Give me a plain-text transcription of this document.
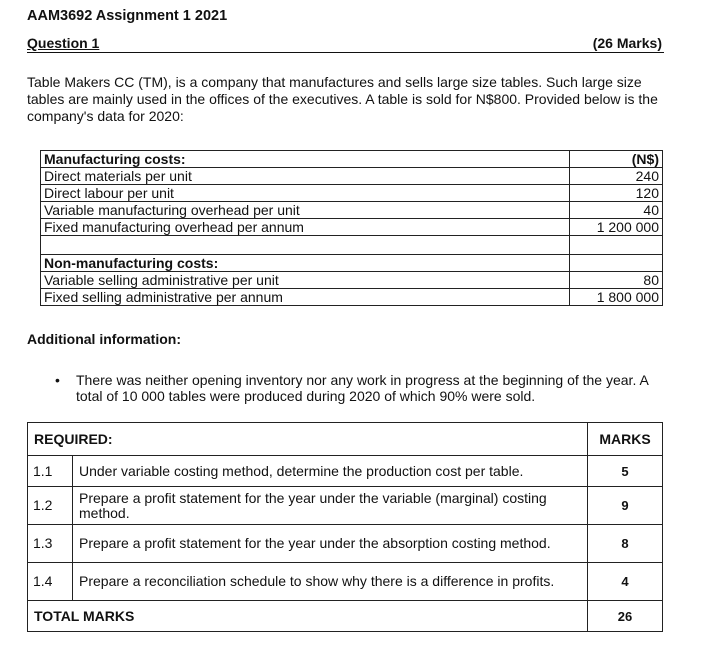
AAM3692 Assignment 1 2021
Question 1	(26 Marks)

Table Makers CC (TM), is a company that manufactures and sells large size tables. Such large size tables are mainly used in the offices of the executives. A table is sold for N$800. Provided below is the company's data for 2020:

Manufacturing costs:	(N$)
Direct materials per unit	240
Direct labour per unit	120
Variable manufacturing overhead per unit	40
Fixed manufacturing overhead per annum	1 200 000

Non-manufacturing costs:	
Variable selling administrative per unit	80
Fixed selling administrative per annum	1 800 000
Additional information:
• There was neither opening inventory nor any work in progress at the beginning of the year. A total of 10 000 tables were produced during 2020 of which 90% were sold.

REQUIRED:		MARKS
1.1	Under variable costing method, determine the production cost per table.	5
1.2	Prepare a profit statement for the year under the variable (marginal) costing method.	9
1.3	Prepare a profit statement for the year under the absorption costing method.	8
1.4	Prepare a reconciliation schedule to show why there is a difference in profits.	4
TOTAL MARKS		26
